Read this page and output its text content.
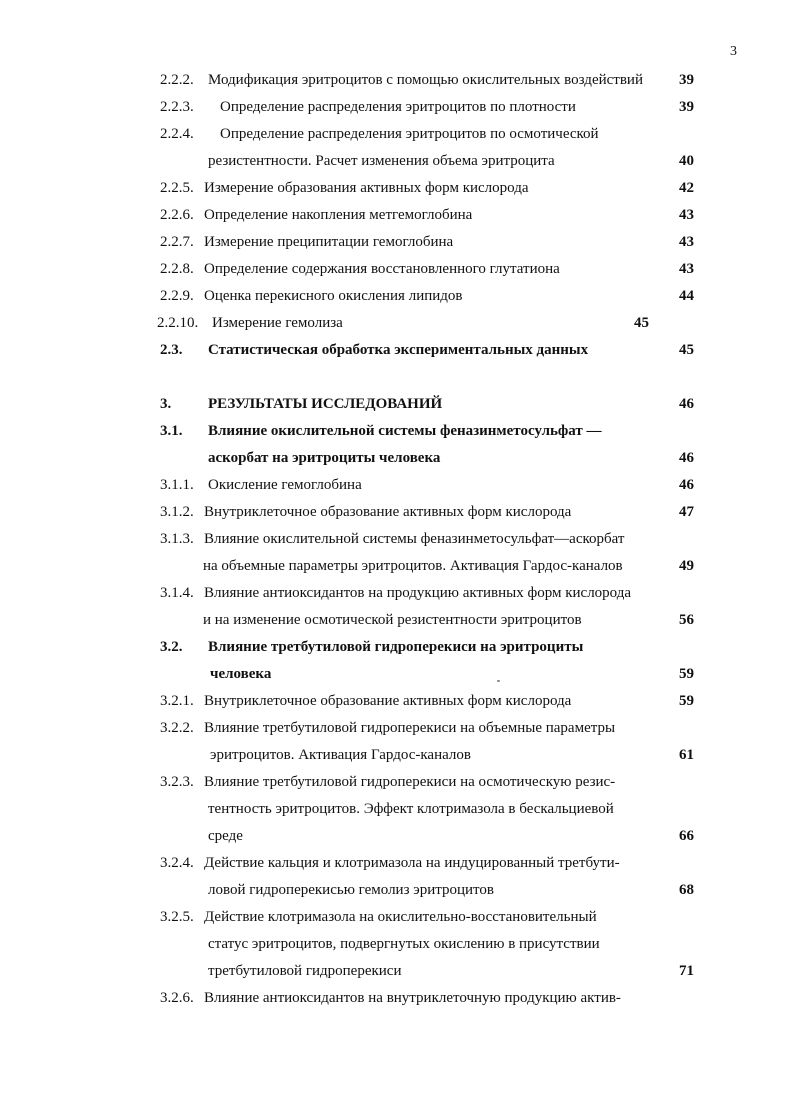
3
2.2.2. Модификация эритроцитов с помощью окислительных воздействий 39
2.2.3. Определение распределения эритроцитов по плотности	39
2.2.4. Определение распределения эритроцитов по осмотической
резистентности. Расчет изменения объема эритроцита	40
2.2.5. Измерение образования активных форм кислорода	42
2.2.6. Определение накопления метгемоглобина	43
2.2.7. Измерение преципитации гемоглобина	43
2.2.8. Определение содержания восстановленного глутатиона	43
2.2.9. Оценка перекисного окисления липидов	44
2.2.10. Измерение гемолиза	45
2.3. Статистическая обработка экспериментальных данных	45
3. РЕЗУЛЬТАТЫ ИССЛЕДОВАНИЙ	46
3.1. Влияние окислительной системы феназинметосульфат —
аскорбат на эритроциты человека	46
3.1.1. Окисление гемоглобина	46
3.1.2. Внутриклеточное образование активных форм кислорода	47
3.1.3. Влияние окислительной системы феназинметосульфат—аскорбат
на объемные параметры эритроцитов. Активация Гардос-каналов	49
3.1.4. Влияние антиоксидантов на продукцию активных форм кислорода
и на изменение осмотической резистентности эритроцитов	56
3.2. Влияние третбутиловой гидроперекиси на эритроциты
человека	59
3.2.1. Внутриклеточное образование активных форм кислорода	59
3.2.2. Влияние третбутиловой гидроперекиси на объемные параметры
эритроцитов. Активация Гардос-каналов	61
3.2.3. Влияние третбутиловой гидроперекиси на осмотическую резис-
тентность эритроцитов. Эффект клотримазола в бескальциевой
среде	66
3.2.4. Действие кальция и клотримазола на индуцированный третбути-
ловой гидроперекисью гемолиз эритроцитов	68
3.2.5. Действие клотримазола на окислительно-восстановительный
статус эритроцитов, подвергнутых окислению в присутствии
третбутиловой гидроперекиси	71
3.2.6. Влияние антиоксидантов на внутриклеточную продукцию актив-
